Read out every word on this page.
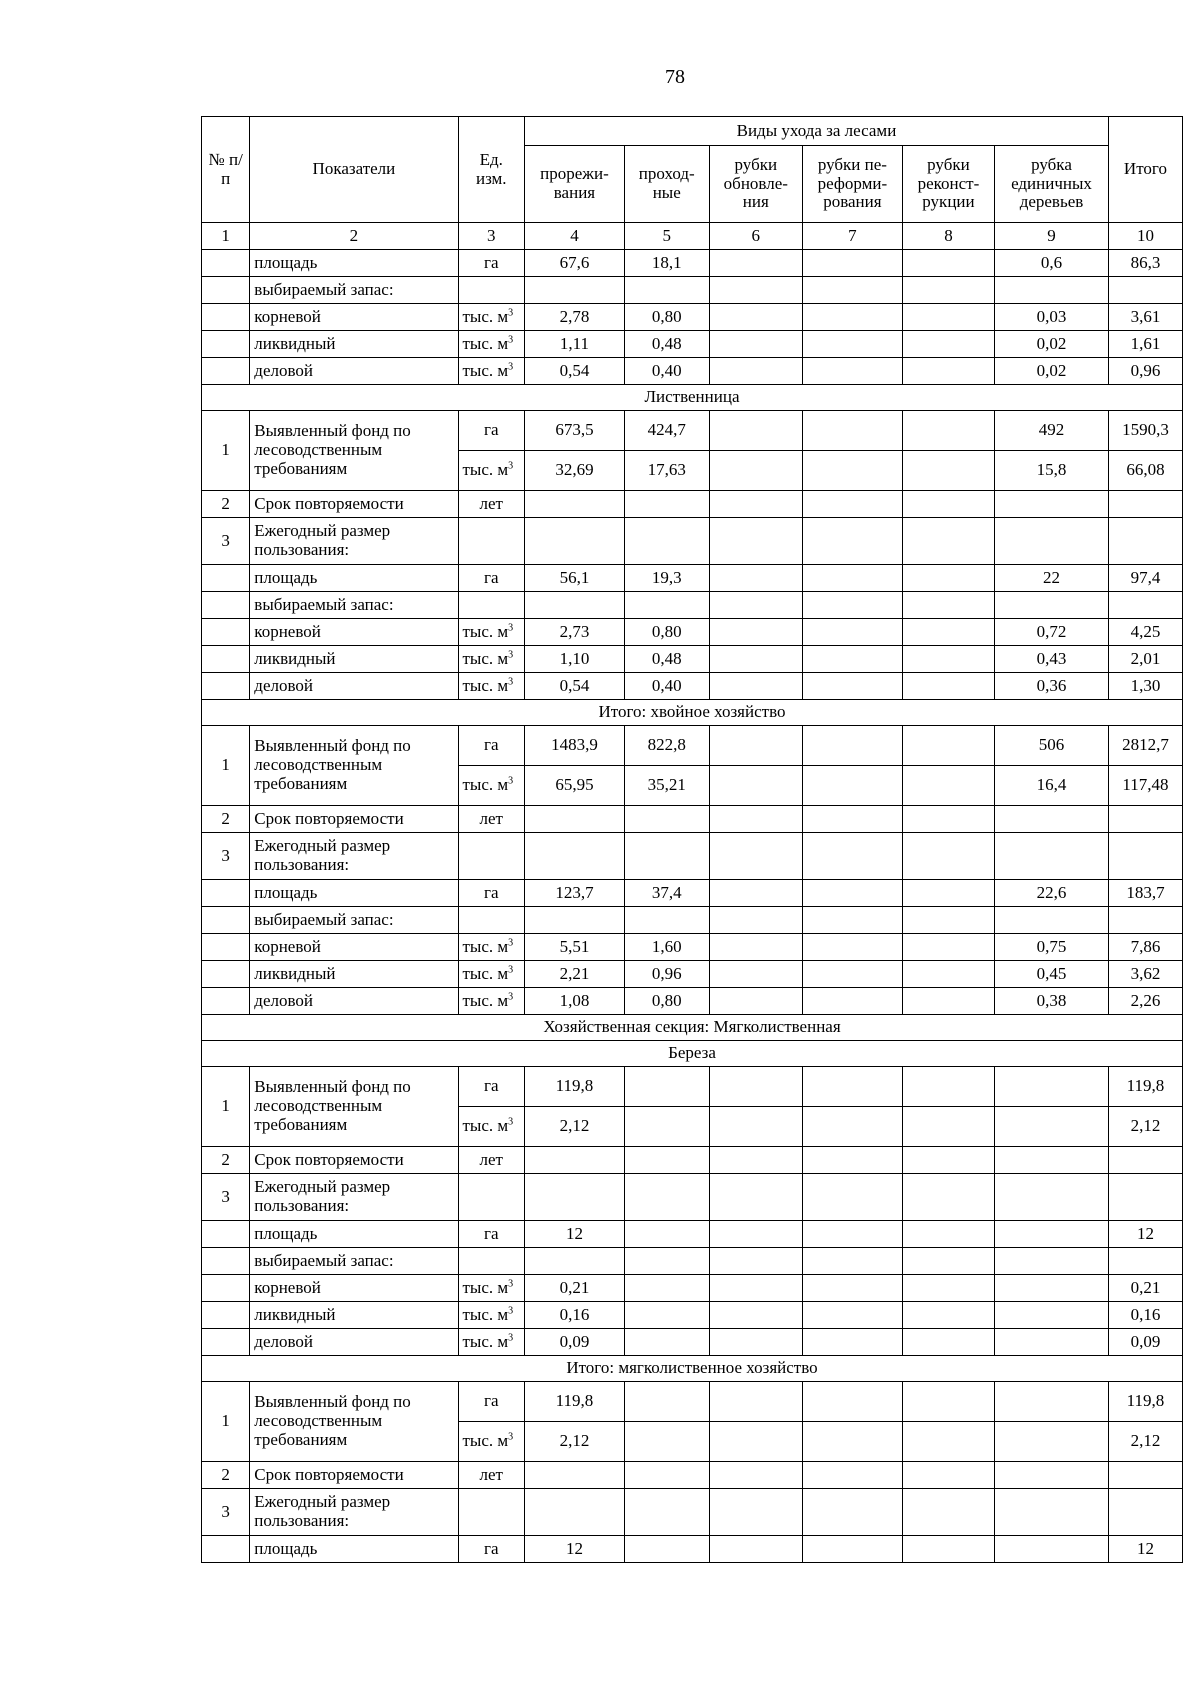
78
№ п/п	Показатели	Ед. изм.	Виды ухода за лесами						Итого
			прорежи-вания	проход-ные	рубки обновле-ния	рубки пе-реформи-рования	рубки реконст-рукции	рубка единичных деревьев	
1	2	3	4	5	6	7	8	9	10
	площадь	га	67,6	18,1				0,6	86,3
	выбираемый запас:								
	корневой	тыс. $м^3$	2,78	0,80				0,03	3,61
	ликвидный	тыс. $м^3$	1,11	0,48				0,02	1,61
	деловой	тыс. $м^3$	0,54	0,40				0,02	0,96
Лиственница									
1	Выявленный фонд по лесоводственным требованиям	га	673,5	424,7				492	1590,3
		тыс. $м^3$	32,69	17,63				15,8	66,08
2	Срок повторяемости	лет							
3	Ежегодный размер пользования:								
	площадь	га	56,1	19,3				22	97,4
	выбираемый запас:								
	корневой	тыс. $м^3$	2,73	0,80				0,72	4,25
	ликвидный	тыс. $м^3$	1,10	0,48				0,43	2,01
	деловой	тыс. $м^3$	0,54	0,40				0,36	1,30
Итого: хвойное хозяйство									
1	Выявленный фонд по лесоводственным требованиям	га	1483,9	822,8				506	2812,7
		тыс. $м^3$	65,95	35,21				16,4	117,48
2	Срок повторяемости	лет							
3	Ежегодный размер пользования:								
	площадь	га	123,7	37,4				22,6	183,7
	выбираемый запас:								
	корневой	тыс. $м^3$	5,51	1,60				0,75	7,86
	ликвидный	тыс. $м^3$	2,21	0,96				0,45	3,62
	деловой	тыс. $м^3$	1,08	0,80				0,38	2,26
Хозяйственная секция: Мягколиственная									
Береза									
1	Выявленный фонд по лесоводственным требованиям	га	119,8						119,8
		тыс. $м^3$	2,12						2,12
2	Срок повторяемости	лет							
3	Ежегодный размер пользования:								
	площадь	га	12						12
	выбираемый запас:								
	корневой	тыс. $м^3$	0,21						0,21
	ликвидный	тыс. $м^3$	0,16						0,16
	деловой	тыс. $м^3$	0,09						0,09
Итого: мягколиственное хозяйство									
1	Выявленный фонд по лесоводственным требованиям	га	119,8						119,8
		тыс. $м^3$	2,12						2,12
2	Срок повторяемости	лет							
3	Ежегодный размер пользования:								
	площадь	га	12						12
